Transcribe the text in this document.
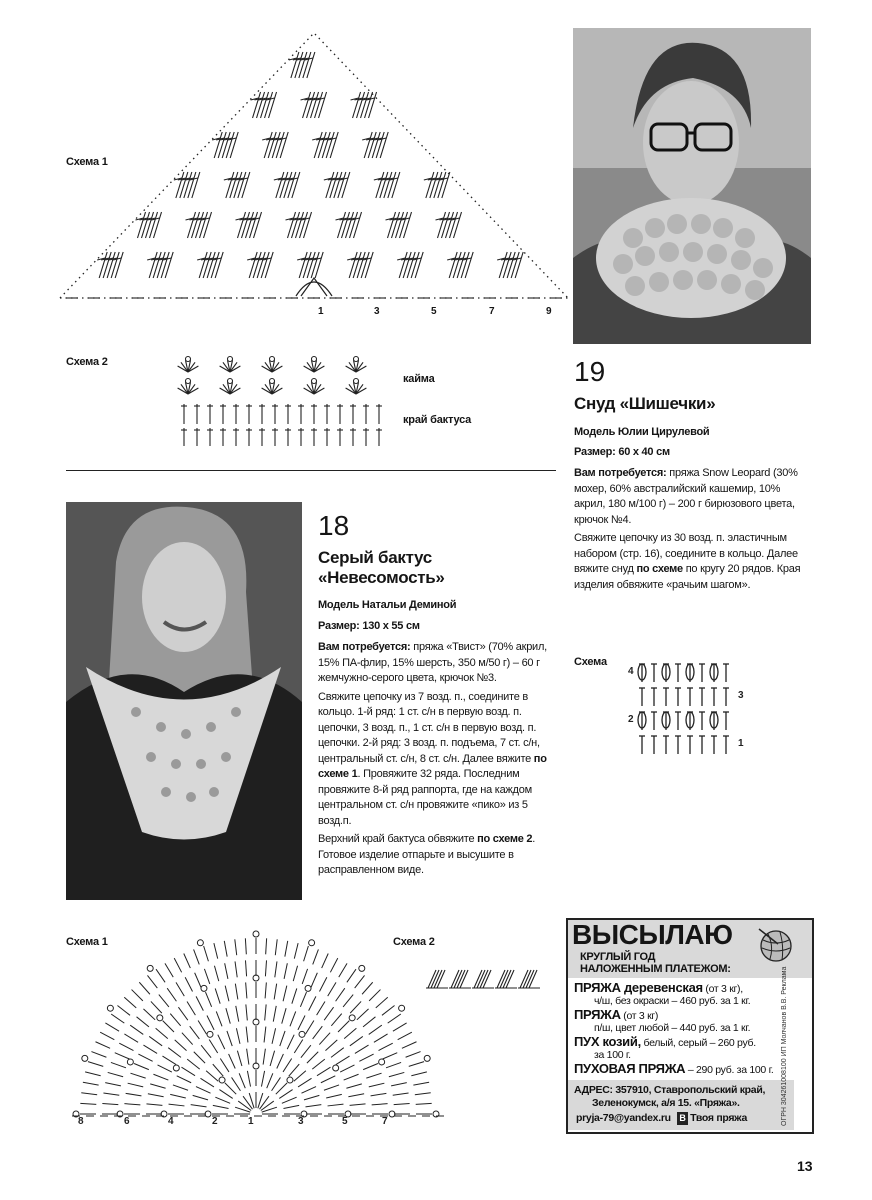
Схема 1
1	3	5	7	9
Схема 2
кайма
край бактуса
19
Снуд «Шишечки»
Модель Юлии Цирулевой
Размер: 60 х 40 см

Вам потребуется: пряжа Snow Leopard (30% мохер, 60% австралийский кашемир, 10% акрил, 180 м/100 г) – 200 г бирюзового цвета, крючок №4.

Свяжите цепочку из 30 возд. п. эластичным набором (стр. 16), соедините в кольцо. Далее вяжите снуд по схеме по кругу 20 рядов. Края изделия обвяжите «рачьим шагом».

Схема
4
3
2
1
18
Серый бактус
«Невесомость»
Модель Натальи Деминой
Размер: 130 х 55 см

Вам потребуется: пряжа «Твист» (70% акрил, 15% ПА-флир, 15% шерсть, 350 м/50 г) – 60 г жемчужно-серого цвета, крючок №3.

Свяжите цепочку из 7 возд. п., соедините в кольцо. 1-й ряд: 1 ст. с/н в первую возд. п. цепочки, 3 возд. п., 1 ст. с/н в первую возд. п. цепочки. 2-й ряд: 3 возд. п. подъема, 7 ст. с/н, центральный ст. с/н, 8 ст. с/н. Далее вяжите по схеме 1. Провяжите 32 ряда. Последним провяжите 8-й ряд раппорта, где на каждом центральном ст. с/н провяжите «пико» из 5 возд.п.

Верхний край бактуса обвяжите по схеме 2. Готовое изделие отпарьте и высушите в расправленном виде.

Схема 1
8	6	4	2	1	3	5	7
Схема 2	ВЫСЫЛАЮ
КРУГЛЫЙ ГОД
НАЛОЖЕННЫМ ПЛАТЕЖОМ:
ПРЯЖА деревенская (от 3 кг),
ч/ш, без окраски – 460 руб. за 1 кг.
ПРЯЖА (от 3 кг)
п/ш, цвет любой – 440 руб. за 1 кг.
ПУХ козий, белый, серый – 260 руб.
за 100 г.
ПУХОВАЯ ПРЯЖА – 290 руб. за 100 г.
АДРЕС: 357910, Ставропольский край,
Зеленокумск, а/я 15. «Пряжа».
pryja-79@yandex.ru B Твоя пряжа	ОГРН 304261008100 ИП Молчанов В.В. Реклама
13
